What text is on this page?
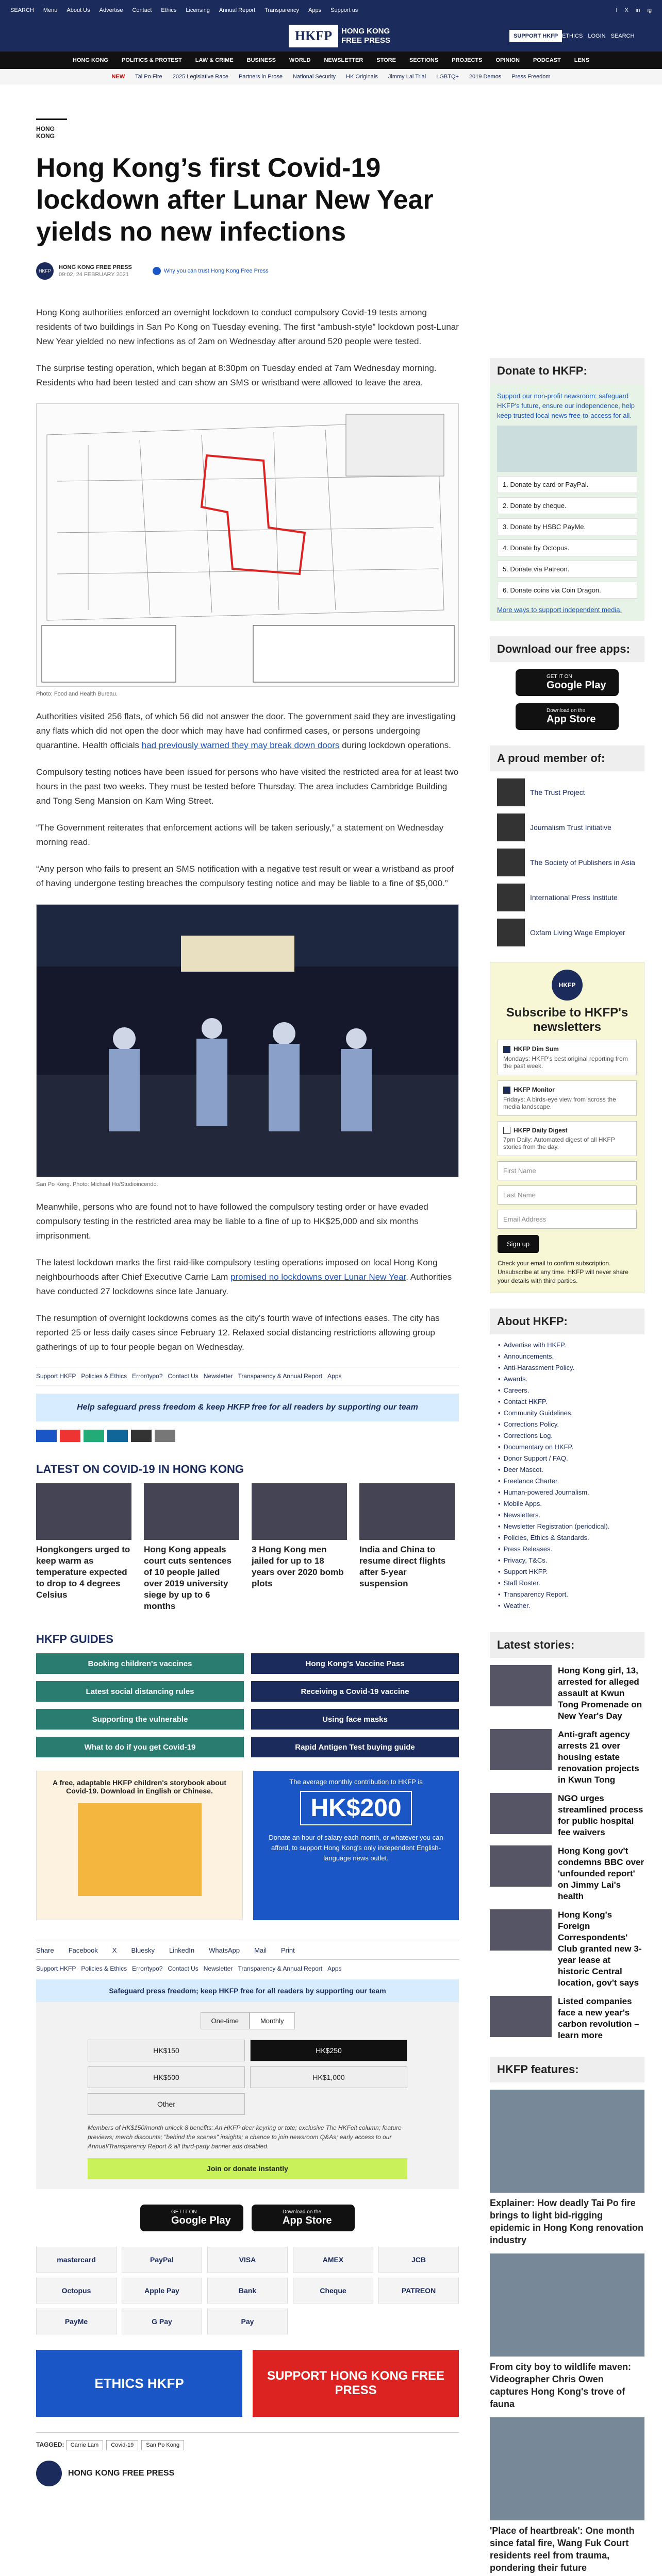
SEARCH Menu About Us Advertise Contact Ethics Licensing Annual Report Transparency Apps Support us	f X in ig
HKFP	HONG KONG
FREE PRESS	SUPPORT HKFP ETHICS LOGIN SEARCH
HONG KONG POLITICS & PROTEST LAW & CRIME BUSINESS WORLD NEWSLETTER STORE SECTIONS PROJECTS OPINION PODCAST LENS
NEW Tai Po Fire 2025 Legislative Race Partners in Prose National Security HK Originals Jimmy Lai Trial LGBTQ+ 2019 Demos Press Freedom
HONG KONG
Hong Kong’s first Covid-19 lockdown after Lunar New Year yields no new infections
HKFP
HONG KONG FREE PRESS
09:02, 24 FEBRUARY 2021
Why you can trust Hong Kong Free Press
Hong Kong authorities enforced an overnight lockdown to conduct compulsory Covid-19 tests among residents of two buildings in San Po Kong on Tuesday evening. The first “ambush-style” lockdown post-Lunar New Year yielded no new infections as of 2am on Wednesday after around 520 people were tested.
The surprise testing operation, which began at 8:30pm on Tuesday ended at 7am Wednesday morning. Residents who had been tested and can show an SMS or wristband were allowed to leave the area.
Photo: Food and Health Bureau.
Authorities visited 256 flats, of which 56 did not answer the door. The government said they are investigating any flats which did not open the door which may have had confirmed cases, or persons undergoing quarantine. Health officials had previously warned they may break down doors during lockdown operations.
Compulsory testing notices have been issued for persons who have visited the restricted area for at least two hours in the past two weeks. They must be tested before Thursday. The area includes Cambridge Building and Tong Seng Mansion on Kam Wing Street.
“The Government reiterates that enforcement actions will be taken seriously,” a statement on Wednesday morning read.
“Any person who fails to present an SMS notification with a negative test result or wear a wristband as proof of having undergone testing breaches the compulsory testing notice and may be liable to a fine of $5,000.”
San Po Kong. Photo: Michael Ho/Studioincendo.
Meanwhile, persons who are found not to have followed the compulsory testing order or have evaded compulsory testing in the restricted area may be liable to a fine of up to HK$25,000 and six months imprisonment.
The latest lockdown marks the first raid-like compulsory testing operations imposed on local Hong Kong neighbourhoods after Chief Executive Carrie Lam promised no lockdowns over Lunar New Year. Authorities have conducted 27 lockdowns since late January.
The resumption of overnight lockdowns comes as the city’s fourth wave of infections eases. The city has reported 25 or less daily cases since February 12. Relaxed social distancing restrictions allowing group gatherings of up to four people began on Wednesday.
Support HKFP Policies & Ethics Error/typo? Contact Us Newsletter Transparency & Annual Report Apps
Help safeguard press freedom & keep HKFP free for all readers by supporting our team
LATEST ON COVID-19 IN HONG KONG
Hongkongers urged to keep warm as temperature expected to drop to 4 degrees Celsius
Hong Kong appeals court cuts sentences of 10 people jailed over 2019 university siege by up to 6 months
3 Hong Kong men jailed for up to 18 years over 2020 bomb plots
India and China to resume direct flights after 5-year suspension
HKFP GUIDES
Booking children's vaccines	Hong Kong's Vaccine Pass
Latest social distancing rules	Receiving a Covid-19 vaccine
Supporting the vulnerable	Using face masks
What to do if you get Covid-19	Rapid Antigen Test buying guide
A free, adaptable HKFP children's storybook about Covid-19. Download in English or Chinese.
The average monthly contribution to HKFP is
HK$200
Donate an hour of salary each month, or whatever you can afford, to support Hong Kong's only independent English-language news outlet.
Share Facebook X Bluesky LinkedIn WhatsApp Mail Print
Support HKFP Policies & Ethics Error/typo? Contact Us Newsletter Transparency & Annual Report Apps
Safeguard press freedom; keep HKFP free for all readers by supporting our team
One-time	Monthly
HK$150	HK$250
HK$500	HK$1,000
Other
Members of HK$150/month unlock 8 benefits: An HKFP deer keyring or tote; exclusive The HKFelt column; feature previews; merch discounts; "behind the scenes" insights; a chance to join newsroom Q&As; early access to our Annual/Transparency Report & all third-party banner ads disabled.
Join or donate instantly
GET IT ON
Google Play
Download on the
App Store
mastercard	PayPal	VISA	AMEX	JCB
Octopus	Apple Pay	Bank	Cheque	PATREON
PayMe	G Pay	Pay
ETHICS HKFP	SUPPORT HONG KONG FREE PRESS
TAGGED: Carrie Lam Covid-19 San Po Kong
HONG KONG FREE PRESS
Donate to HKFP:
Support our non-profit newsroom: safeguard HKFP's future, ensure our independence, help keep trusted local news free-to-access for all.
1. Donate by card or PayPal.
2. Donate by cheque.
3. Donate by HSBC PayMe.
4. Donate by Octopus.
5. Donate via Patreon.
6. Donate coins via Coin Dragon.
More ways to support independent media.
Download our free apps:
GET IT ON
Google Play
Download on the
App Store
A proud member of:
The Trust Project
Journalism Trust Initiative
The Society of Publishers in Asia
International Press Institute
Oxfam Living Wage Employer
HKFP
Subscribe to HKFP's newsletters
HKFP Dim Sum
Mondays: HKFP's best original reporting from the past week.
HKFP Monitor
Fridays: A birds-eye view from across the media landscape.
HKFP Daily Digest
7pm Daily: Automated digest of all HKFP stories from the day.
First Name
Last Name
Email Address
Sign up
Check your email to confirm subscription. Unsubscribe at any time. HKFP will never share your details with third parties.
About HKFP:
• Advertise with HKFP.
• Announcements.
• Anti-Harassment Policy.
• Awards.
• Careers.
• Contact HKFP.
• Community Guidelines.
• Corrections Policy.
• Corrections Log.
• Documentary on HKFP.
• Donor Support / FAQ.
• Deer Mascot.
• Freelance Charter.
• Human-powered Journalism.
• Mobile Apps.
• Newsletters.
• Newsletter Registration (periodical).
• Policies, Ethics & Standards.
• Press Releases.
• Privacy, T&Cs.
• Support HKFP.
• Staff Roster.
• Transparency Report.
• Weather.
Latest stories:
Hong Kong girl, 13, arrested for alleged assault at Kwun Tong Promenade on New Year's Day
Anti-graft agency arrests 21 over housing estate renovation projects in Kwun Tong
NGO urges streamlined process for public hospital fee waivers
Hong Kong gov't condemns BBC over 'unfounded report' on Jimmy Lai's health
Hong Kong's Foreign Correspondents' Club granted new 3-year lease at historic Central location, gov't says
Listed companies face a new year's carbon revolution – learn more
HKFP features:
Explainer: How deadly Tai Po fire brings to light bid-rigging epidemic in Hong Kong renovation industry
From city boy to wildlife maven: Videographer Chris Owen captures Hong Kong's trove of fauna
'Place of heartbreak': One month since fatal fire, Wang Fuk Court residents reel from trauma, pondering their future
